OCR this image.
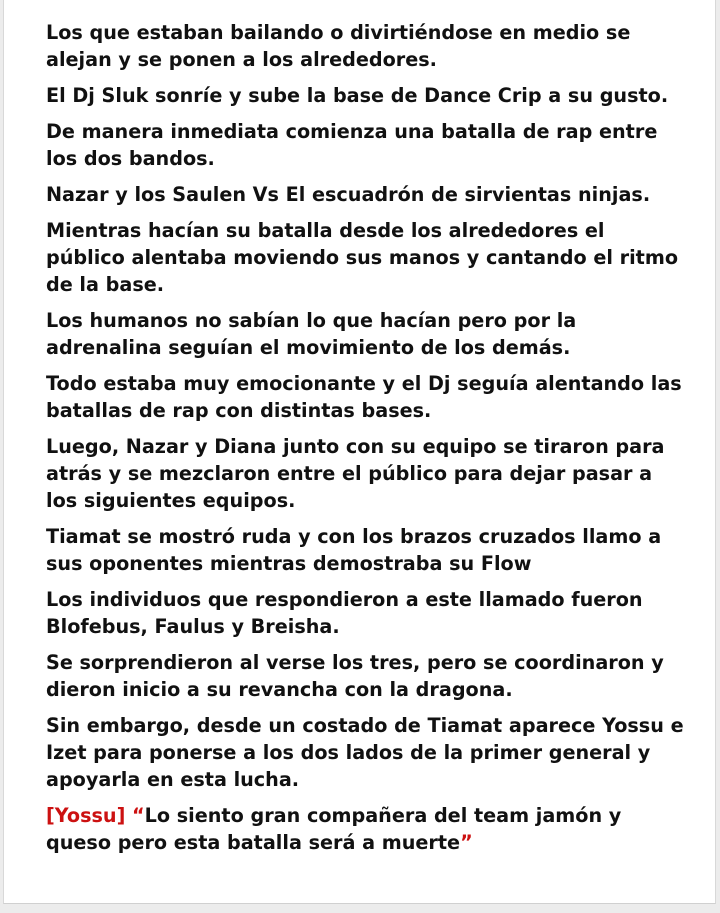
Los que estaban bailando o divirtiéndose en medio se alejan y se ponen a los alrededores.

El Dj Sluk sonríe y sube la base de Dance Crip a su gusto.

De manera inmediata comienza una batalla de rap entre los dos bandos.

Nazar y los Saulen Vs El escuadrón de sirvientas ninjas.

Mientras hacían su batalla desde los alrededores el público alentaba moviendo sus manos y cantando el ritmo de la base.

Los humanos no sabían lo que hacían pero por la adrenalina seguían el movimiento de los demás.

Todo estaba muy emocionante y el Dj seguía alentando las batallas de rap con distintas bases.

Luego, Nazar y Diana junto con su equipo se tiraron para atrás y se mezclaron entre el público para dejar pasar a los siguientes equipos.

Tiamat se mostró ruda y con los brazos cruzados llamo a sus oponentes mientras demostraba su Flow

Los individuos que respondieron a este llamado fueron Blofebus, Faulus y Breisha.

Se sorprendieron al verse los tres, pero se coordinaron y dieron inicio a su revancha con la dragona.

Sin embargo, desde un costado de Tiamat aparece Yossu e Izet para ponerse a los dos lados de la primer general y apoyarla en esta lucha.

[Yossu] “Lo siento gran compañera del team jamón y queso pero esta batalla será a muerte”
